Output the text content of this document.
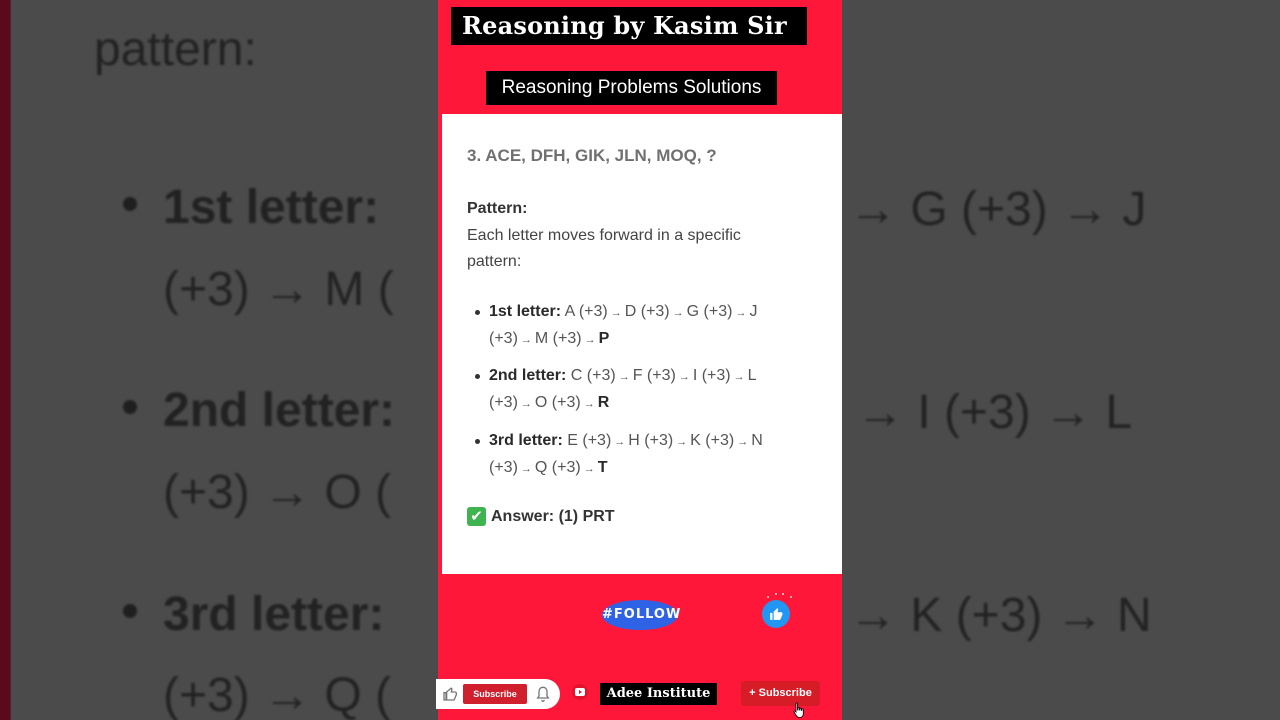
pattern:
1st letter:
(+3) → M (
→ G (+3) → J
2nd letter:
(+3) → O (
→ I (+3) → L
3rd letter:
(+3) → Q (
→ K (+3) → N
Reasoning by Kasim Sir
Reasoning Problems Solutions
3. ACE, DFH, GIK, JLN, MOQ, ?
Pattern:
Each letter moves forward in a specific pattern:
1st letter: A (+3) → D (+3) → G (+3) → J
(+3) → M (+3) → P
2nd letter: C (+3) → F (+3) → I (+3) → L
(+3) → O (+3) → R
3rd letter: E (+3) → H (+3) → K (+3) → N
(+3) → Q (+3) → T
✔ Answer: (1) PRT
#FOLLOW
Subscribe	Adee Institute	+ Subscribe
